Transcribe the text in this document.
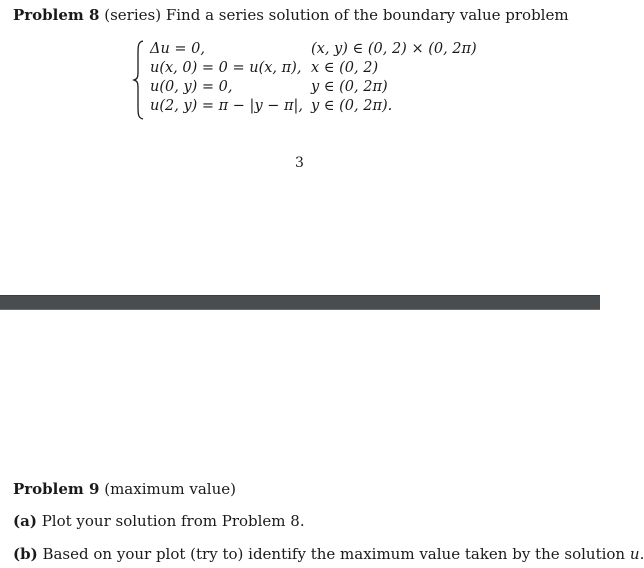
Problem 8 (series) Find a series solution of the boundary value problem
Δu = 0,	(x, y) ∈ (0, 2) × (0, 2π)
u(x, 0) = 0 = u(x, π), x ∈ (0, 2)
u(0, y) = 0,	y ∈ (0, 2π)
u(2, y) = π − |y − π|, y ∈ (0, 2π).
3
Problem 9 (maximum value)
(a) Plot your solution from Problem 8.
(b) Based on your plot (try to) identify the maximum value taken by the solution u.
